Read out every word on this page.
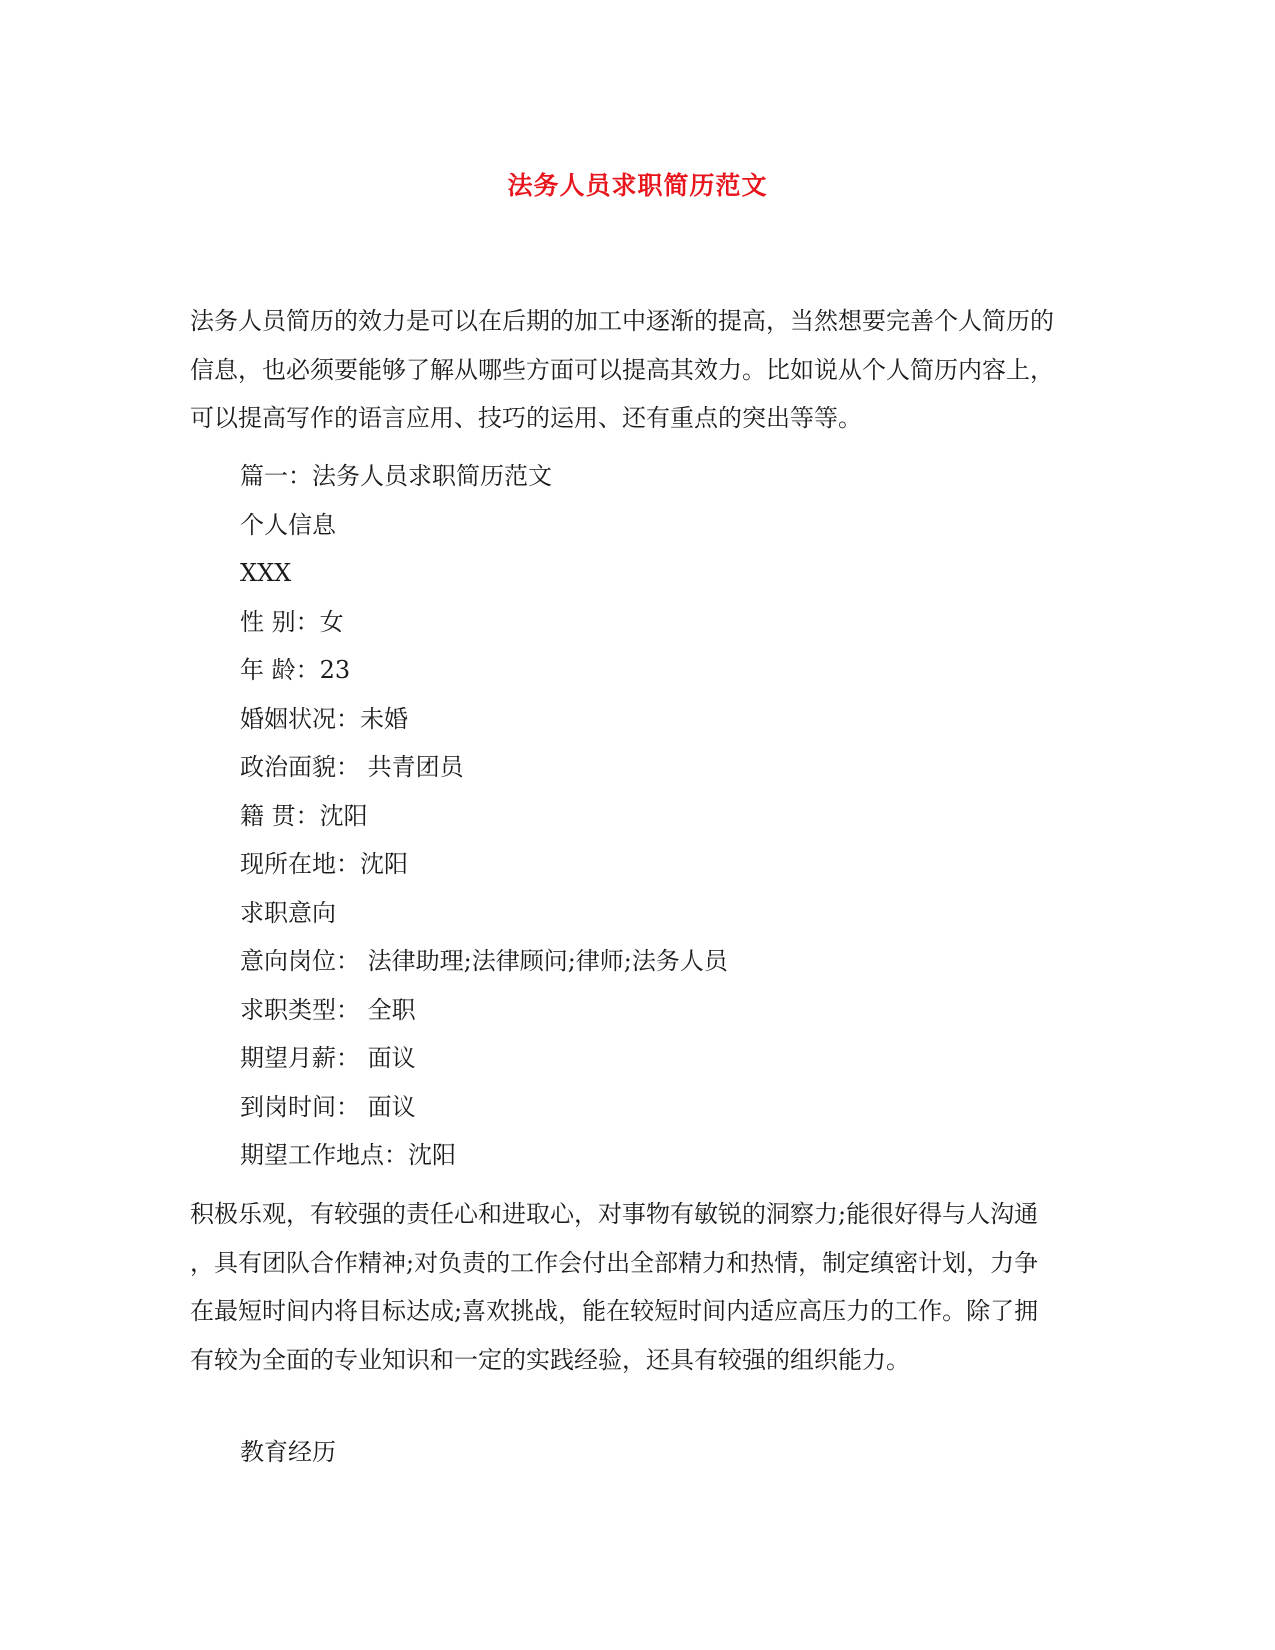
法务人员求职简历范文

法务人员简历的效力是可以在后期的加工中逐渐的提高，当然想要完善个人简历的
信息，也必须要能够了解从哪些方面可以提高其效力。比如说从个人简历内容上，
可以提高写作的语言应用、技巧的运用、还有重点的突出等等。

篇一：法务人员求职简历范文
个人信息
XXX
性 别：女
年 龄：23
婚姻状况：未婚
政治面貌： 共青团员
籍 贯：沈阳
现所在地：沈阳
求职意向
意向岗位： 法律助理;法律顾问;律师;法务人员
求职类型： 全职
期望月薪： 面议
到岗时间： 面议
期望工作地点：沈阳

积极乐观，有较强的责任心和进取心，对事物有敏锐的洞察力;能很好得与人沟通
，具有团队合作精神;对负责的工作会付出全部精力和热情，制定缜密计划，力争
在最短时间内将目标达成;喜欢挑战，能在较短时间内适应高压力的工作。除了拥
有较为全面的专业知识和一定的实践经验，还具有较强的组织能力。

教育经历
